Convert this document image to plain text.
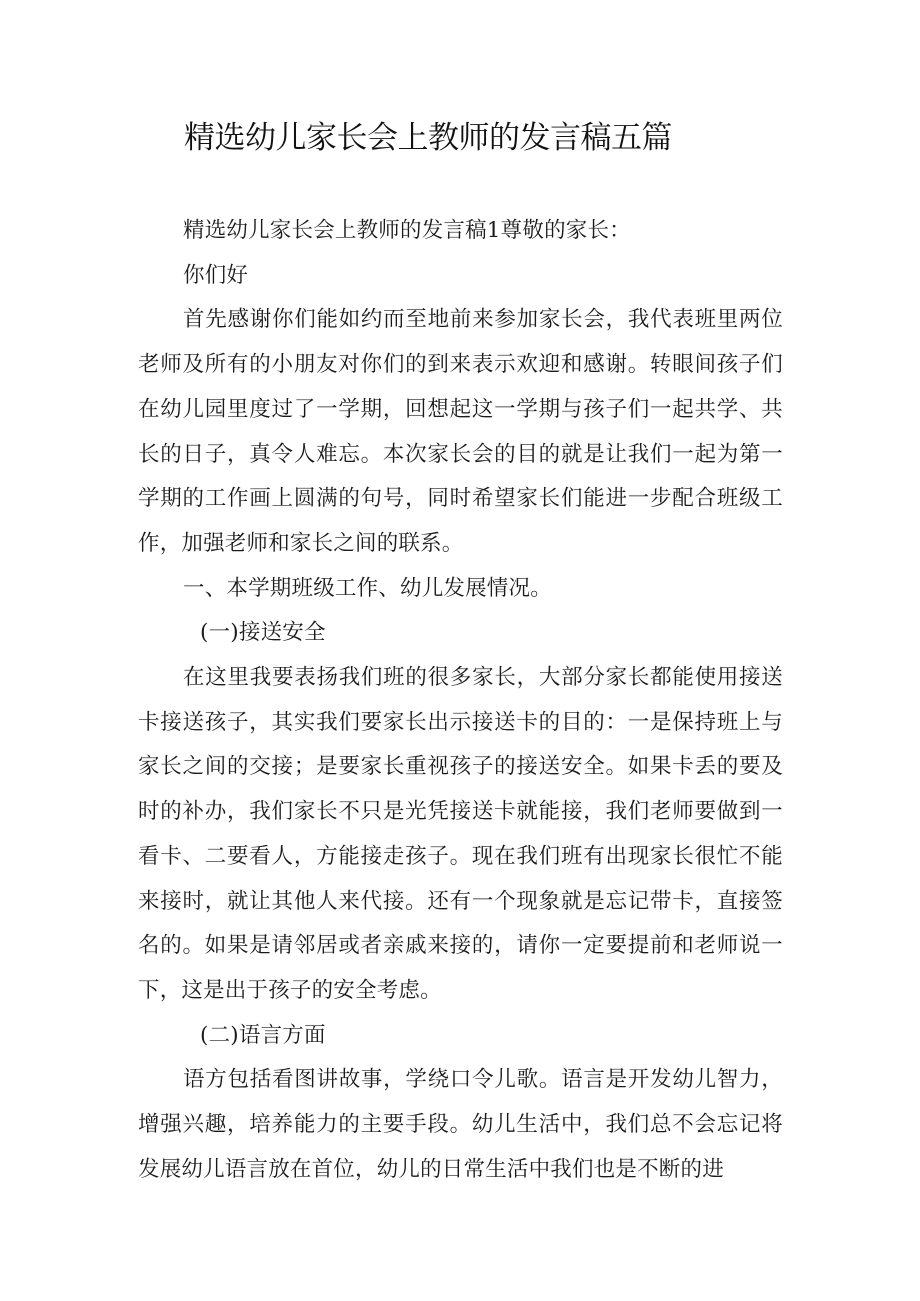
精选幼儿家长会上教师的发言稿五篇

精选幼儿家长会上教师的发言稿1尊敬的家长：

你们好

首先感谢你们能如约而至地前来参加家长会，我代表班里两位老师及所有的小朋友对你们的到来表示欢迎和感谢。转眼间孩子们在幼儿园里度过了一学期，回想起这一学期与孩子们一起共学、共长的日子，真令人难忘。本次家长会的目的就是让我们一起为第一学期的工作画上圆满的句号，同时希望家长们能进一步配合班级工作，加强老师和家长之间的联系。

一、本学期班级工作、幼儿发展情况。

(一)接送安全

在这里我要表扬我们班的很多家长，大部分家长都能使用接送卡接送孩子，其实我们要家长出示接送卡的目的：一是保持班上与家长之间的交接；是要家长重视孩子的接送安全。如果卡丢的要及时的补办，我们家长不只是光凭接送卡就能接，我们老师要做到一看卡、二要看人，方能接走孩子。现在我们班有出现家长很忙不能来接时，就让其他人来代接。还有一个现象就是忘记带卡，直接签名的。如果是请邻居或者亲戚来接的，请你一定要提前和老师说一下，这是出于孩子的安全考虑。

(二)语言方面

语方包括看图讲故事，学绕口令儿歌。语言是开发幼儿智力，增强兴趣，培养能力的主要手段。幼儿生活中，我们总不会忘记将发展幼儿语言放在首位，幼儿的日常生活中我们也是不断的进
